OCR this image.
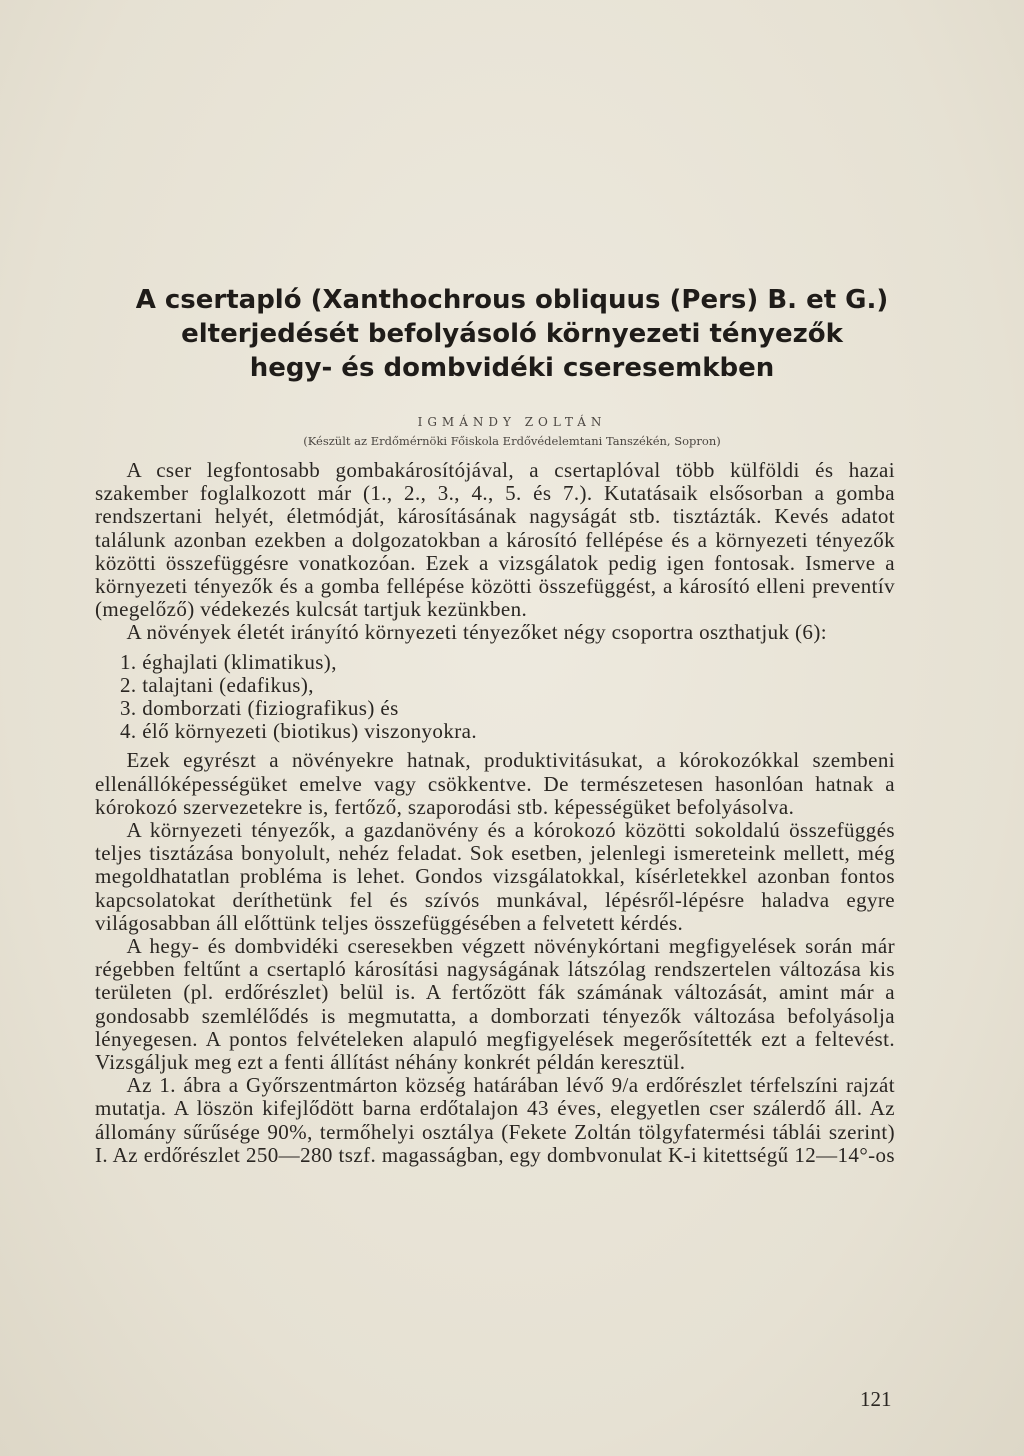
A csertapló (Xanthochrous obliquus (Pers) B. et G.)
elterjedését befolyásoló környezeti tényezők
hegy- és dombvidéki cseresemkben
IGMÁNDY ZOLTÁN
(Készült az Erdőmérnöki Főiskola Erdővédelemtani Tanszékén, Sopron)

A cser legfontosabb gombakárosítójával, a csertaplóval több külföldi és hazai szakember foglalkozott már (1., 2., 3., 4., 5. és 7.). Kutatásaik elsősorban a gomba rendszertani helyét, életmódját, károsításának nagyságát stb. tisztázták. Kevés adatot találunk azonban ezekben a dolgozatokban a károsító fellépése és a környezeti tényezők közötti összefüggésre vonatkozóan. Ezek a vizsgálatok pedig igen fontosak. Ismerve a környezeti tényezők és a gomba fellépése közötti összefüggést, a károsító elleni preventív (megelőző) védekezés kulcsát tartjuk kezünkben.

A növények életét irányító környezeti tényezőket négy csoportra oszthatjuk (6):

1. éghajlati (klimatikus),
2. talajtani (edafikus),
3. domborzati (fiziografikus) és
4. élő környezeti (biotikus) viszonyokra.

Ezek egyrészt a növényekre hatnak, produktivitásukat, a kórokozókkal szembeni ellenállóképességüket emelve vagy csökkentve. De természetesen hasonlóan hatnak a kórokozó szervezetekre is, fertőző, szaporodási stb. képességüket befolyásolva.

A környezeti tényezők, a gazdanövény és a kórokozó közötti sokoldalú összefüggés teljes tisztázása bonyolult, nehéz feladat. Sok esetben, jelenlegi ismereteink mellett, még megoldhatatlan probléma is lehet. Gondos vizsgálatokkal, kísérletekkel azonban fontos kapcsolatokat deríthetünk fel és szívós munkával, lépésről-lépésre haladva egyre világosabban áll előttünk teljes összefüggésében a felvetett kérdés.

A hegy- és dombvidéki cseresekben végzett növénykórtani megfigyelések során már régebben feltűnt a csertapló károsítási nagyságának látszólag rendszertelen változása kis területen (pl. erdőrészlet) belül is. A fertőzött fák számának változását, amint már a gondosabb szemlélődés is megmutatta, a domborzati tényezők változása befolyásolja lényegesen. A pontos felvételeken alapuló megfigyelések megerősítették ezt a feltevést. Vizsgáljuk meg ezt a fenti állítást néhány konkrét példán keresztül.

Az 1. ábra a Győrszentmárton község határában lévő 9/a erdőrészlet térfelszíni rajzát mutatja. A löszön kifejlődött barna erdőtalajon 43 éves, elegyetlen cser szálerdő áll. Az állomány sűrűsége 90%, termőhelyi osztálya (Fekete Zoltán tölgyfatermési táblái szerint) I. Az erdőrészlet 250—280 tszf. magasságban, egy dombvonulat K-i kitettségű 12—14°-os

121
